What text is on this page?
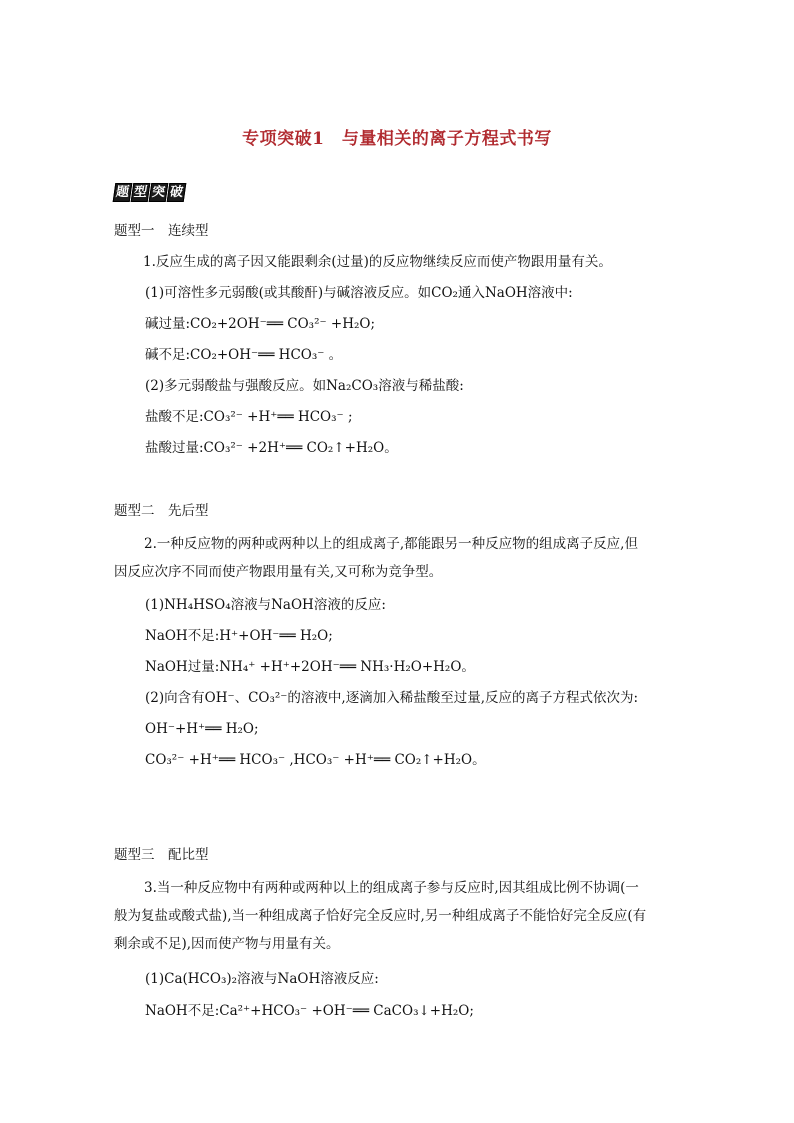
专项突破1　与量相关的离子方程式书写
题 型 突 破
题型一　连续型
1.反应生成的离子因又能跟剩余(过量)的反应物继续反应而使产物跟用量有关。
(1)可溶性多元弱酸(或其酸酐)与碱溶液反应。如CO₂通入NaOH溶液中:
碱过量:CO₂+2OH⁻══ CO₃²⁻ +H₂O;
碱不足:CO₂+OH⁻══ HCO₃⁻ 。
(2)多元弱酸盐与强酸反应。如Na₂CO₃溶液与稀盐酸:
盐酸不足:CO₃²⁻ +H⁺══ HCO₃⁻ ;
盐酸过量:CO₃²⁻ +2H⁺══ CO₂↑+H₂O。
题型二　先后型
2.一种反应物的两种或两种以上的组成离子,都能跟另一种反应物的组成离子反应,但因反应次序不同而使产物跟用量有关,又可称为竞争型。
(1)NH₄HSO₄溶液与NaOH溶液的反应:
NaOH不足:H⁺+OH⁻══ H₂O;
NaOH过量:NH₄⁺ +H⁺+2OH⁻══ NH₃·H₂O+H₂O。
(2)向含有OH⁻、CO₃²⁻的溶液中,逐滴加入稀盐酸至过量,反应的离子方程式依次为:
OH⁻+H⁺══ H₂O;
CO₃²⁻ +H⁺══ HCO₃⁻ ,HCO₃⁻ +H⁺══ CO₂↑+H₂O。
题型三　配比型
3.当一种反应物中有两种或两种以上的组成离子参与反应时,因其组成比例不协调(一般为复盐或酸式盐),当一种组成离子恰好完全反应时,另一种组成离子不能恰好完全反应(有剩余或不足),因而使产物与用量有关。
(1)Ca(HCO₃)₂溶液与NaOH溶液反应:
NaOH不足:Ca²⁺+HCO₃⁻ +OH⁻══ CaCO₃↓+H₂O;
